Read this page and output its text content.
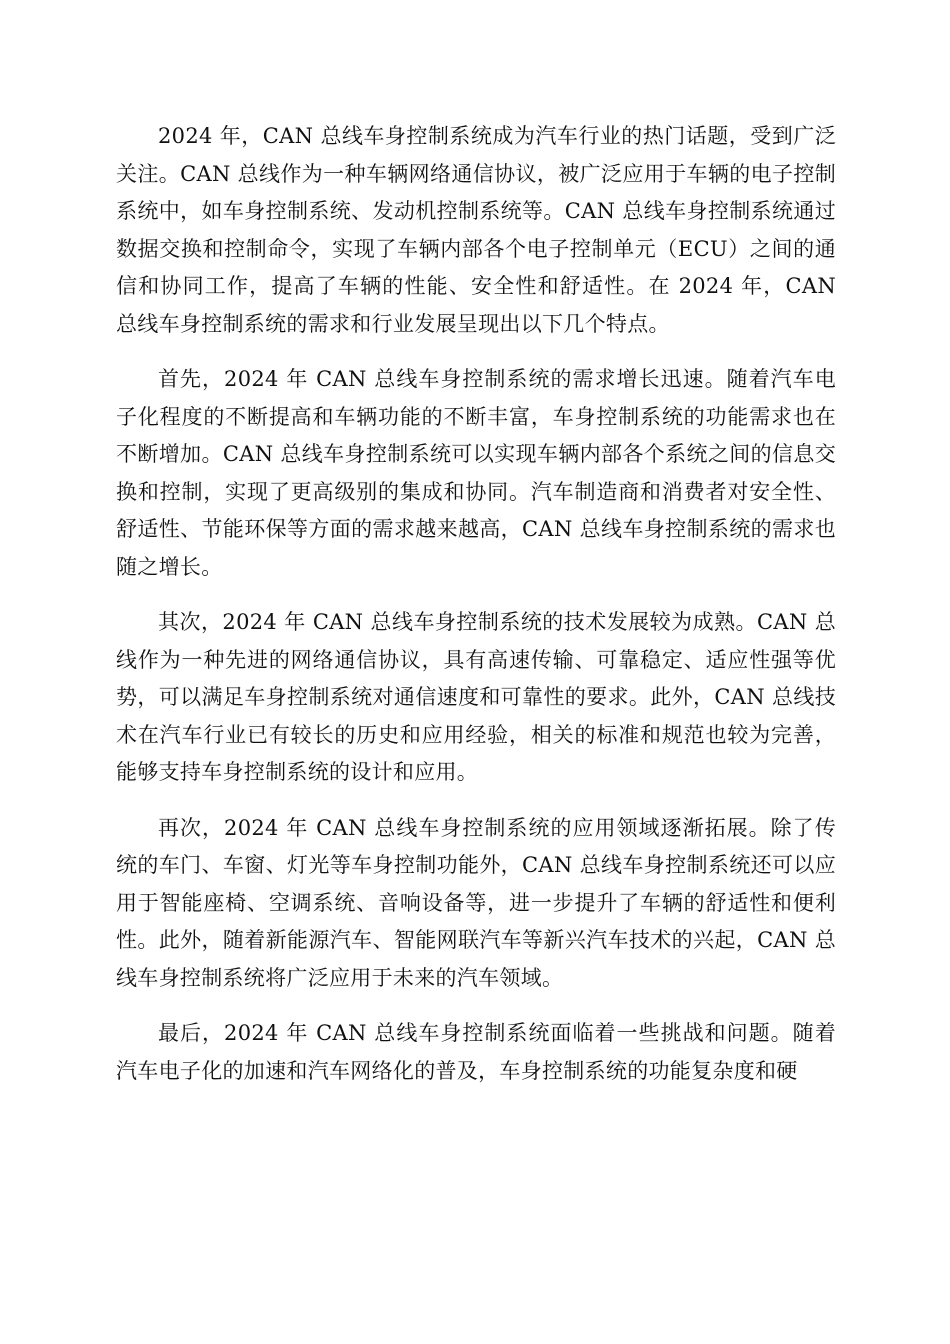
2024 年，CAN 总线车身控制系统成为汽车行业的热门话题，受到广泛关注。CAN 总线作为一种车辆网络通信协议，被广泛应用于车辆的电子控制系统中，如车身控制系统、发动机控制系统等。CAN 总线车身控制系统通过数据交换和控制命令，实现了车辆内部各个电子控制单元（ECU）之间的通信和协同工作，提高了车辆的性能、安全性和舒适性。在 2024 年，CAN 总线车身控制系统的需求和行业发展呈现出以下几个特点。

首先，2024 年 CAN 总线车身控制系统的需求增长迅速。随着汽车电子化程度的不断提高和车辆功能的不断丰富，车身控制系统的功能需求也在不断增加。CAN 总线车身控制系统可以实现车辆内部各个系统之间的信息交换和控制，实现了更高级别的集成和协同。汽车制造商和消费者对安全性、舒适性、节能环保等方面的需求越来越高，CAN 总线车身控制系统的需求也随之增长。

其次，2024 年 CAN 总线车身控制系统的技术发展较为成熟。CAN 总线作为一种先进的网络通信协议，具有高速传输、可靠稳定、适应性强等优势，可以满足车身控制系统对通信速度和可靠性的要求。此外，CAN 总线技术在汽车行业已有较长的历史和应用经验，相关的标准和规范也较为完善，能够支持车身控制系统的设计和应用。

再次，2024 年 CAN 总线车身控制系统的应用领域逐渐拓展。除了传统的车门、车窗、灯光等车身控制功能外，CAN 总线车身控制系统还可以应用于智能座椅、空调系统、音响设备等，进一步提升了车辆的舒适性和便利性。此外，随着新能源汽车、智能网联汽车等新兴汽车技术的兴起，CAN 总线车身控制系统将广泛应用于未来的汽车领域。

最后，2024 年 CAN 总线车身控制系统面临着一些挑战和问题。随着汽车电子化的加速和汽车网络化的普及，车身控制系统的功能复杂度和硬
